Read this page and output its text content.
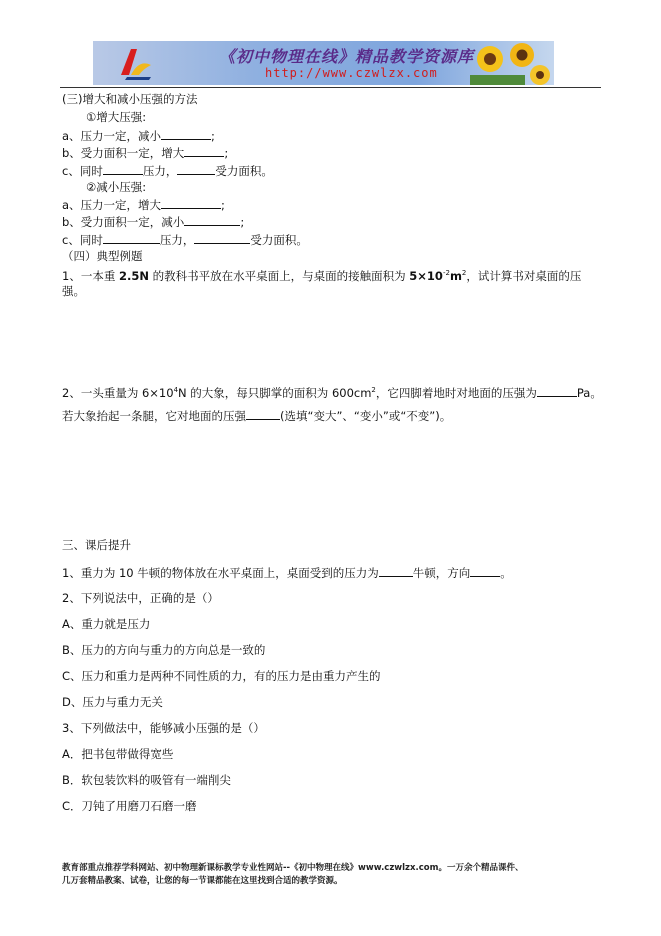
《初中物理在线》精品教学资源库
http://www.czwlzx.com
(三)增大和减小压强的方法
①增大压强:
a、压力一定，减小	;
b、受力面积一定，增大	;
c、同时	压力，	受力面积。
②减小压强:
a、压力一定，增大	;
b、受力面积一定，减小	;
c、同时	压力，	受力面积。
（四）典型例题
1、一本重 2.5N 的教科书平放在水平桌面上，与桌面的接触面积为 $5\times 10^{-2}m^2$，试计算书对桌面的压
强。
2、一头重量为 $6\times 10^4N$ 的大象，每只脚掌的面积为 $600cm^2$，它四脚着地时对地面的压强为	Pa。
若大象抬起一条腿，它对地面的压强	(选填“变大”、“变小”或“不变”)。
三、课后提升
1、重力为 10 牛顿的物体放在水平桌面上，桌面受到的压力为	牛顿，方向	。
2、下列说法中，正确的是（）
A、重力就是压力
B、压力的方向与重力的方向总是一致的
C、压力和重力是两种不同性质的力，有的压力是由重力产生的
D、压力与重力无关
3、下列做法中，能够减小压强的是（）
A．把书包带做得宽些
B．软包装饮料的吸管有一端削尖
C．刀钝了用磨刀石磨一磨
教育部重点推荐学科网站、初中物理新课标教学专业性网站--《初中物理在线》www.czwlzx.com。一万余个精品课件、
几万套精品教案、试卷，让您的每一节课都能在这里找到合适的教学资源。
